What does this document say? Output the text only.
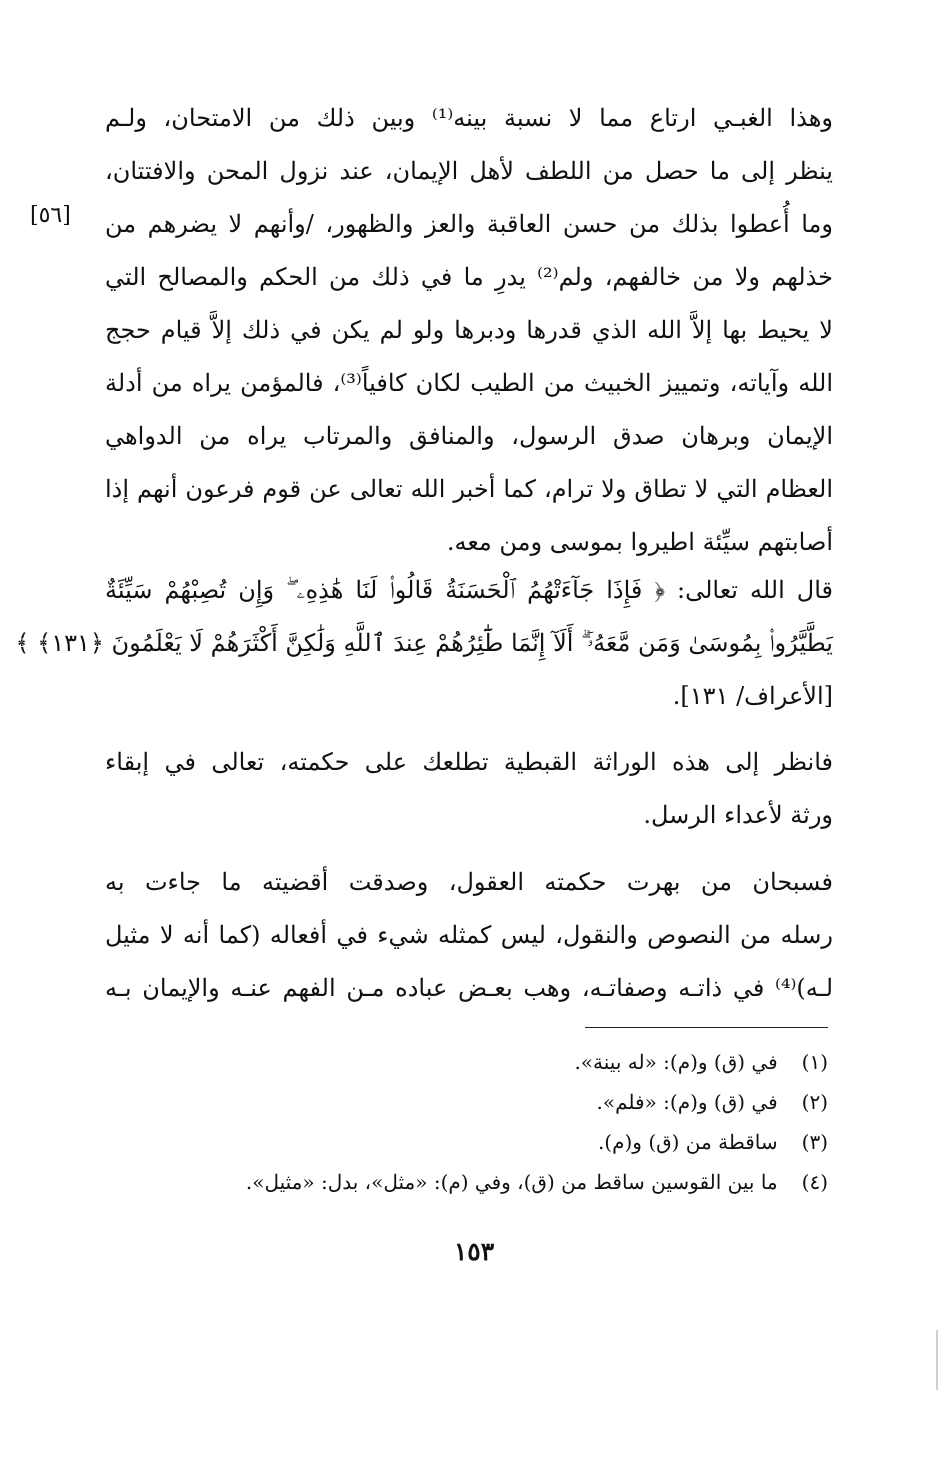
[٥٦]
وهذا الغبـي ارتاع مما لا نسبة بينه⁽¹⁾ وبين ذلك من الامتحان، ولـم
ينظر إلى ما حصل من اللطف لأهل الإيمان، عند نزول المحن والافتتان،
وما أُعطوا بذلك من حسن العاقبة والعز والظهور، /وأنهم لا يضرهم من
خذلهم ولا من خالفهم، ولم⁽²⁾ يدرِ ما في ذلك من الحكم والمصالح التي
لا يحيط بها إلاَّ الله الذي قدرها ودبرها ولو لم يكن في ذلك إلاَّ قيام حجج
الله وآياته، وتمييز الخبيث من الطيب لكان كافياً⁽³⁾، فالمؤمن يراه من أدلة
الإيمان وبرهان صدق الرسول، والمنافق والمرتاب يراه من الدواهي
العظام التي لا تطاق ولا ترام، كما أخبر الله تعالى عن قوم فرعون أنهم إذا
أصابتهم سيِّئة اطيروا بموسى ومن معه.
قال الله تعالى: ﴿ فَإِذَا جَآءَتْهُمُ ٱلْحَسَنَةُ قَالُوا۟ لَنَا هَٰذِهِۦ ۖ وَإِن تُصِبْهُمْ سَيِّئَةٌ
يَطَّيَّرُوا۟ بِمُوسَىٰ وَمَن مَّعَهُۥٓ ۗ أَلَآ إِنَّمَا طَٰٓئِرُهُمْ عِندَ ٱللَّهِ وَلَٰكِنَّ أَكْثَرَهُمْ لَا يَعْلَمُونَ ﴿١٣١﴾ ﴾
[الأعراف/ ١٣١].
فانظر إلى هذه الوراثة القبطية تطلعك على حكمته، تعالى في إبقاء
ورثة لأعداء الرسل.
فسبحان من بهرت حكمته العقول، وصدقت أقضيته ما جاءت به
رسله من النصوص والنقول، ليس كمثله شيء في أفعاله (كما أنه لا مثيل
لـه)⁽⁴⁾ في ذاتـه وصفاتـه، وهب بعـض عباده مـن الفهم عنـه والإيمان بـه
(١) في (ق) و(م): «له بينة».
(٢) في (ق) و(م): «فلم».
(٣) ساقطة من (ق) و(م).
(٤) ما بين القوسين ساقط من (ق)، وفي (م): «مثل»، بدل: «مثيل».
١٥٣
